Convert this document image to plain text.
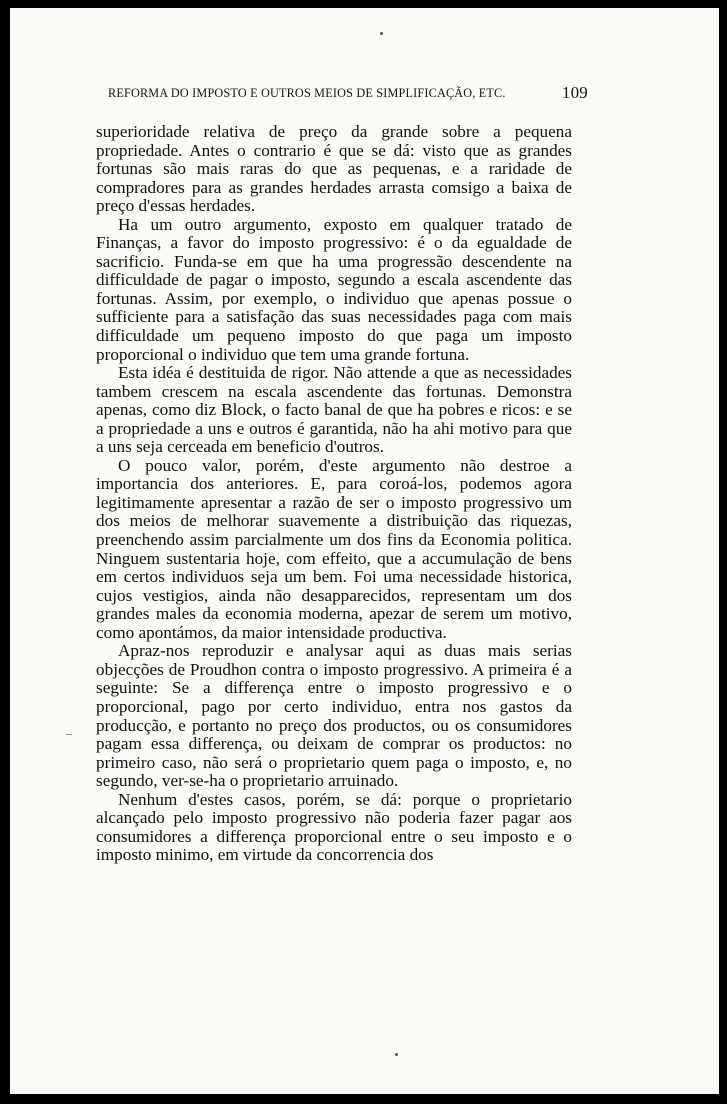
REFORMA DO IMPOSTO E OUTROS MEIOS DE SIMPLIFICAÇÃO, ETC.	109

superioridade relativa de preço da grande sobre a pequena propriedade. Antes o contrario é que se dá: visto que as grandes fortunas são mais raras do que as pequenas, e a raridade de compradores para as grandes herdades arrasta comsigo a baixa de preço d'essas herdades.

Ha um outro argumento, exposto em qualquer tratado de Finanças, a favor do imposto progressivo: é o da egualdade de sacrificio. Funda-se em que ha uma progressão descendente na difficuldade de pagar o imposto, segundo a escala ascendente das fortunas. Assim, por exemplo, o individuo que apenas possue o sufficiente para a satisfação das suas necessidades paga com mais difficuldade um pequeno imposto do que paga um imposto proporcional o individuo que tem uma grande fortuna.

Esta idéa é destituida de rigor. Não attende a que as necessidades tambem crescem na escala ascendente das fortunas. Demonstra apenas, como diz Block, o facto banal de que ha pobres e ricos: e se a propriedade a uns e outros é garantida, não ha ahi motivo para que a uns seja cerceada em beneficio d'outros.

O pouco valor, porém, d'este argumento não destroe a importancia dos anteriores. E, para coroá-los, podemos agora legitimamente apresentar a razão de ser o imposto progressivo um dos meios de melhorar suavemente a distribuição das riquezas, preenchendo assim parcialmente um dos fins da Economia politica. Ninguem sustentaria hoje, com effeito, que a accumulação de bens em certos individuos seja um bem. Foi uma necessidade historica, cujos vestigios, ainda não desapparecidos, representam um dos grandes males da economia moderna, apezar de serem um motivo, como apontámos, da maior intensidade productiva.

Apraz-nos reproduzir e analysar aqui as duas mais serias objecções de Proudhon contra o imposto progressivo. A primeira é a seguinte: Se a differença entre o imposto progressivo e o proporcional, pago por certo individuo, entra nos gastos da producção, e portanto no preço dos productos, ou os consumidores pagam essa differença, ou deixam de comprar os productos: no primeiro caso, não será o proprietario quem paga o imposto, e, no segundo, ver-se-ha o proprietario arruinado.

Nenhum d'estes casos, porém, se dá: porque o proprietario alcançado pelo imposto progressivo não poderia fazer pagar aos consumidores a differença proporcional entre o seu imposto e o imposto minimo, em virtude da concorrencia dos
